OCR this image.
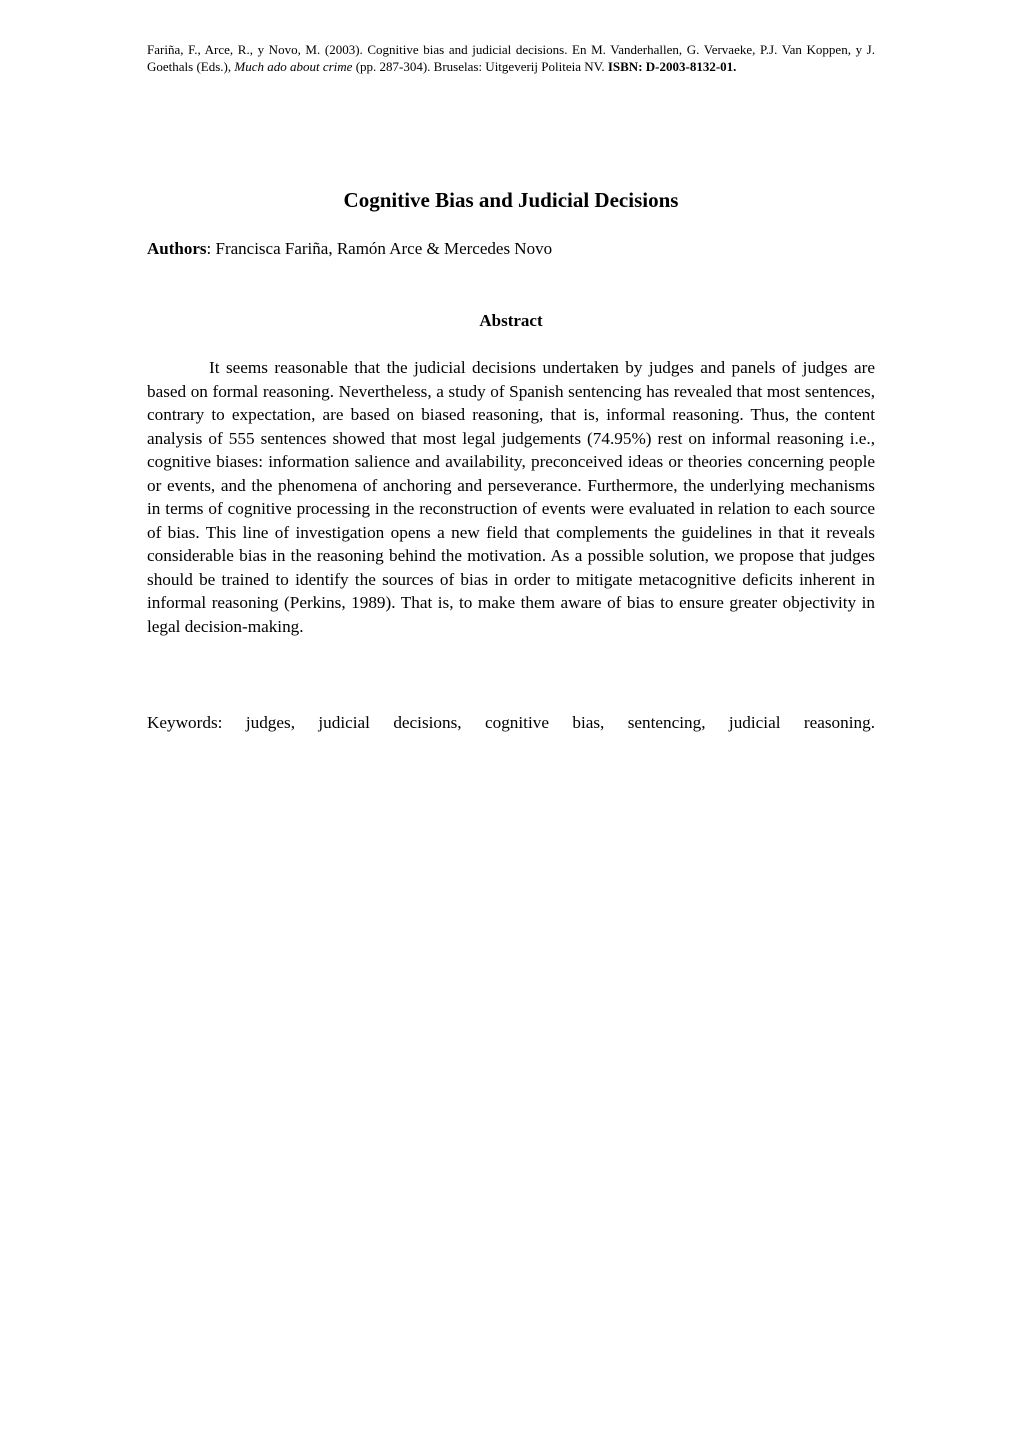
Fariña, F., Arce, R., y Novo, M. (2003). Cognitive bias and judicial decisions. En M. Vanderhallen, G. Vervaeke, P.J. Van Koppen, y J. Goethals (Eds.), Much ado about crime (pp. 287-304). Bruselas: Uitgeverij Politeia NV. ISBN: D-2003-8132-01.
Cognitive Bias and Judicial Decisions
Authors: Francisca Fariña, Ramón Arce & Mercedes Novo
Abstract

It seems reasonable that the judicial decisions undertaken by judges and panels of judges are based on formal reasoning. Nevertheless, a study of Spanish sentencing has revealed that most sentences, contrary to expectation, are based on biased reasoning, that is, informal reasoning. Thus, the content analysis of 555 sentences showed that most legal judgements (74.95%) rest on informal reasoning i.e., cognitive biases: information salience and availability, preconceived ideas or theories concerning people or events, and the phenomena of anchoring and perseverance. Furthermore, the underlying mechanisms in terms of cognitive processing in the reconstruction of events were evaluated in relation to each source of bias. This line of investigation opens a new field that complements the guidelines in that it reveals considerable bias in the reasoning behind the motivation. As a possible solution, we propose that judges should be trained to identify the sources of bias in order to mitigate metacognitive deficits inherent in informal reasoning (Perkins, 1989). That is, to make them aware of bias to ensure greater objectivity in legal decision-making.

Keywords: judges, judicial decisions, cognitive bias, sentencing, judicial reasoning.
